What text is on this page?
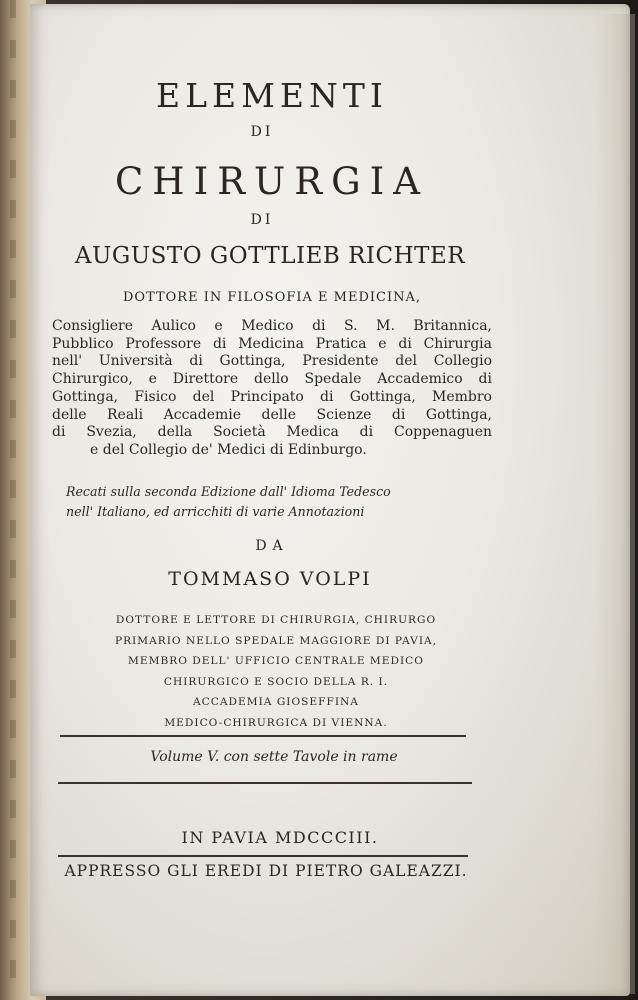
ELEMENTI
DI
CHIRURGIA
DI
AUGUSTO GOTTLIEB RICHTER
DOTTORE IN FILOSOFIA E MEDICINA,
Consigliere Aulico e Medico di S. M. Britannica,
Pubblico Professore di Medicina Pratica e di Chirurgia
nell' Università di Gottinga, Presidente del Collegio
Chirurgico, e Direttore dello Spedale Accademico di
Gottinga, Fisico del Principato di Gottinga, Membro
delle Reali Accademie delle Scienze di Gottinga,
di Svezia, della Società Medica di Coppenaguen
e del Collegio de' Medici di Edinburgo.
Recati sulla seconda Edizione dall' Idioma Tedesco
nell' Italiano, ed arricchiti di varie Annotazioni
DA
TOMMASO VOLPI
DOTTORE E LETTORE DI CHIRURGIA, CHIRURGO
PRIMARIO NELLO SPEDALE MAGGIORE DI PAVIA,
MEMBRO DELL' UFFICIO CENTRALE MEDICO
CHIRURGICO E SOCIO DELLA R. I.
ACCADEMIA GIOSEFFINA
MEDICO-CHIRURGICA DI VIENNA.
Volume V. con sette Tavole in rame
IN PAVIA MDCCCIII.
APPRESSO GLI EREDI DI PIETRO GALEAZZI.
